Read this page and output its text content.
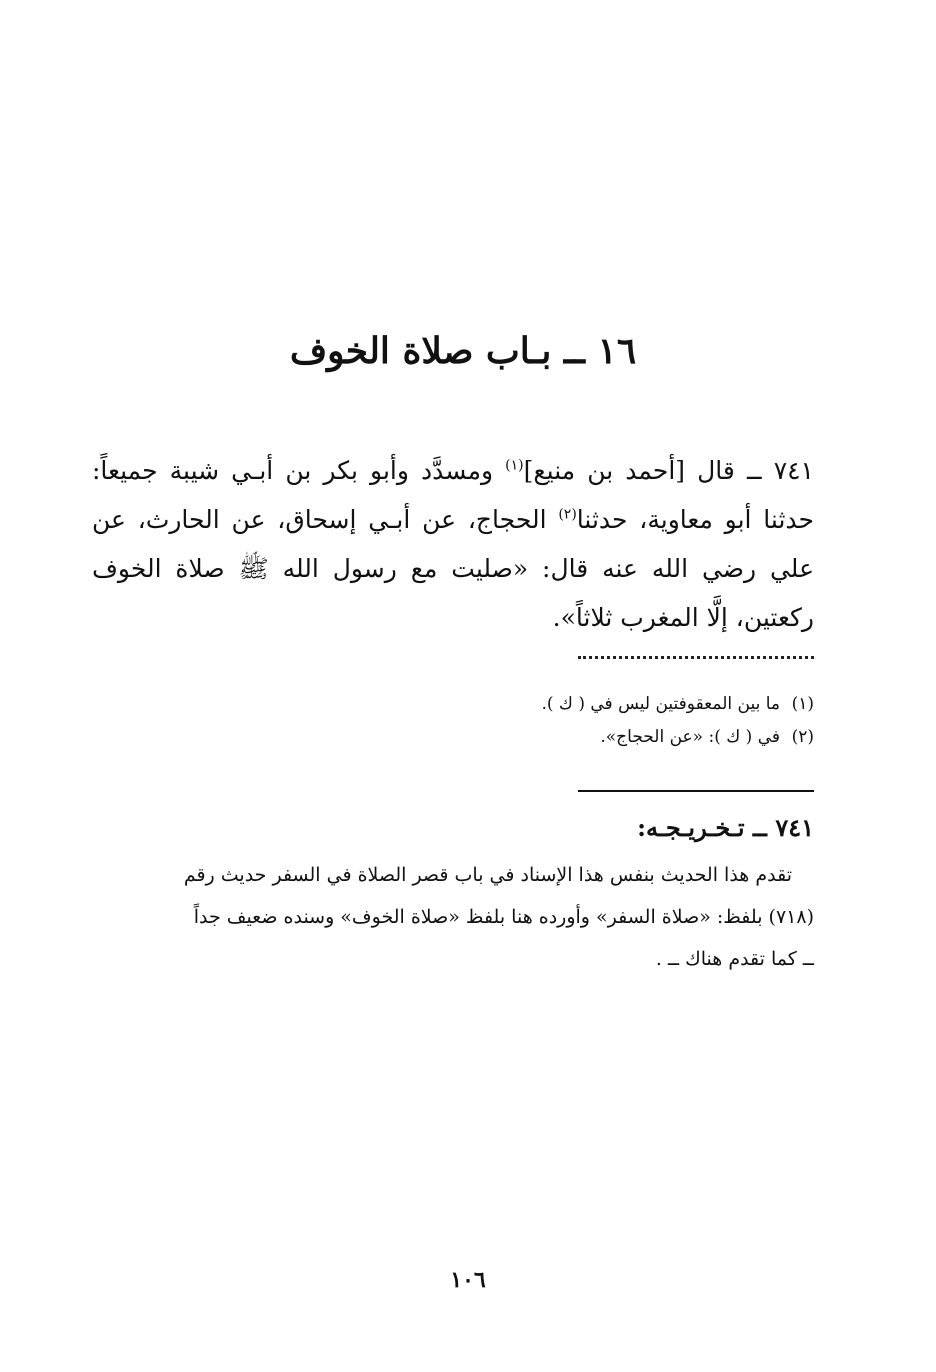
١٦ ــ بـاب صلاة الخوف
٧٤١ ــ قال [أحمد بن منيع]$^{(١)}$ ومسدَّد وأبو بكر بن أبـي شيبة جميعاً: حدثنا أبو معاوية، حدثنا$^{(٢)}$ الحجاج، عن أبـي إسحاق، عن الحارث، عن علي رضي الله عنه قال: «صليت مع رسول الله ﷺ صلاة الخوف ركعتين، إلَّا المغرب ثلاثاً».
(١)ما بين المعقوفتين ليس في ( ك ).
(٢)في ( ك ): «عن الحجاج».
٧٤١ ــ تـخـريـجـه:
تقدم هذا الحديث بنفس هذا الإسناد في باب قصر الصلاة في السفر حديث رقم
(٧١٨) بلفظ: «صلاة السفر» وأورده هنا بلفظ «صلاة الخوف» وسنده ضعيف جداً
ــ كما تقدم هناك ــ .
١٠٦
